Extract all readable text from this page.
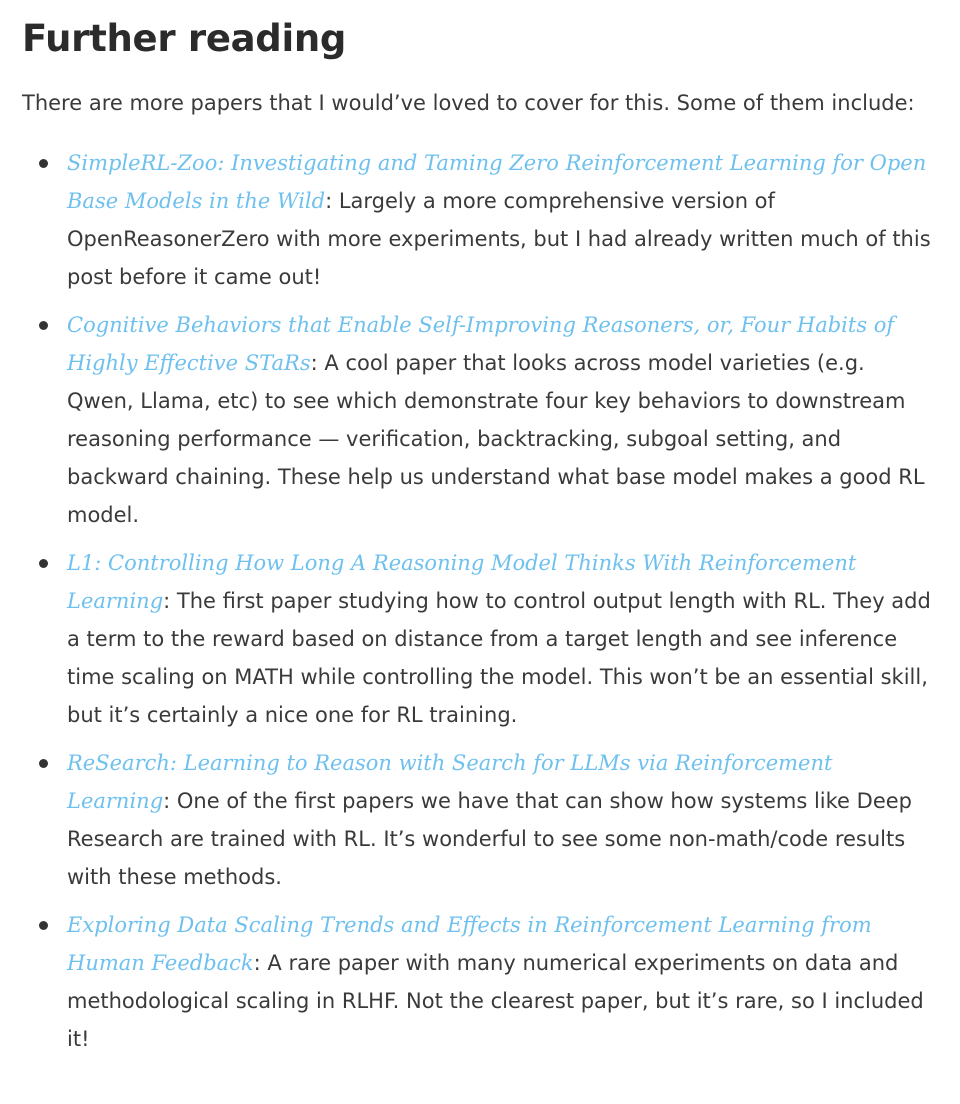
Further reading

There are more papers that I would’ve loved to cover for this. Some of them include:

SimpleRL-Zoo: Investigating and Taming Zero Reinforcement Learning for Open Base Models in the Wild: Largely a more comprehensive version of OpenReasonerZero with more experiments, but I had already written much of this post before it came out!
Cognitive Behaviors that Enable Self-Improving Reasoners, or, Four Habits of Highly Effective STaRs: A cool paper that looks across model varieties (e.g. Qwen, Llama, etc) to see which demonstrate four key behaviors to downstream reasoning performance — verification, backtracking, subgoal setting, and backward chaining. These help us understand what base model makes a good RL model.
L1: Controlling How Long A Reasoning Model Thinks With Reinforcement Learning: The first paper studying how to control output length with RL. They add a term to the reward based on distance from a target length and see inference time scaling on MATH while controlling the model. This won’t be an essential skill, but it’s certainly a nice one for RL training.
ReSearch: Learning to Reason with Search for LLMs via Reinforcement Learning: One of the first papers we have that can show how systems like Deep Research are trained with RL. It’s wonderful to see some non-math/code results with these methods.
Exploring Data Scaling Trends and Effects in Reinforcement Learning from Human Feedback: A rare paper with many numerical experiments on data and methodological scaling in RLHF. Not the clearest paper, but it’s rare, so I included it!
